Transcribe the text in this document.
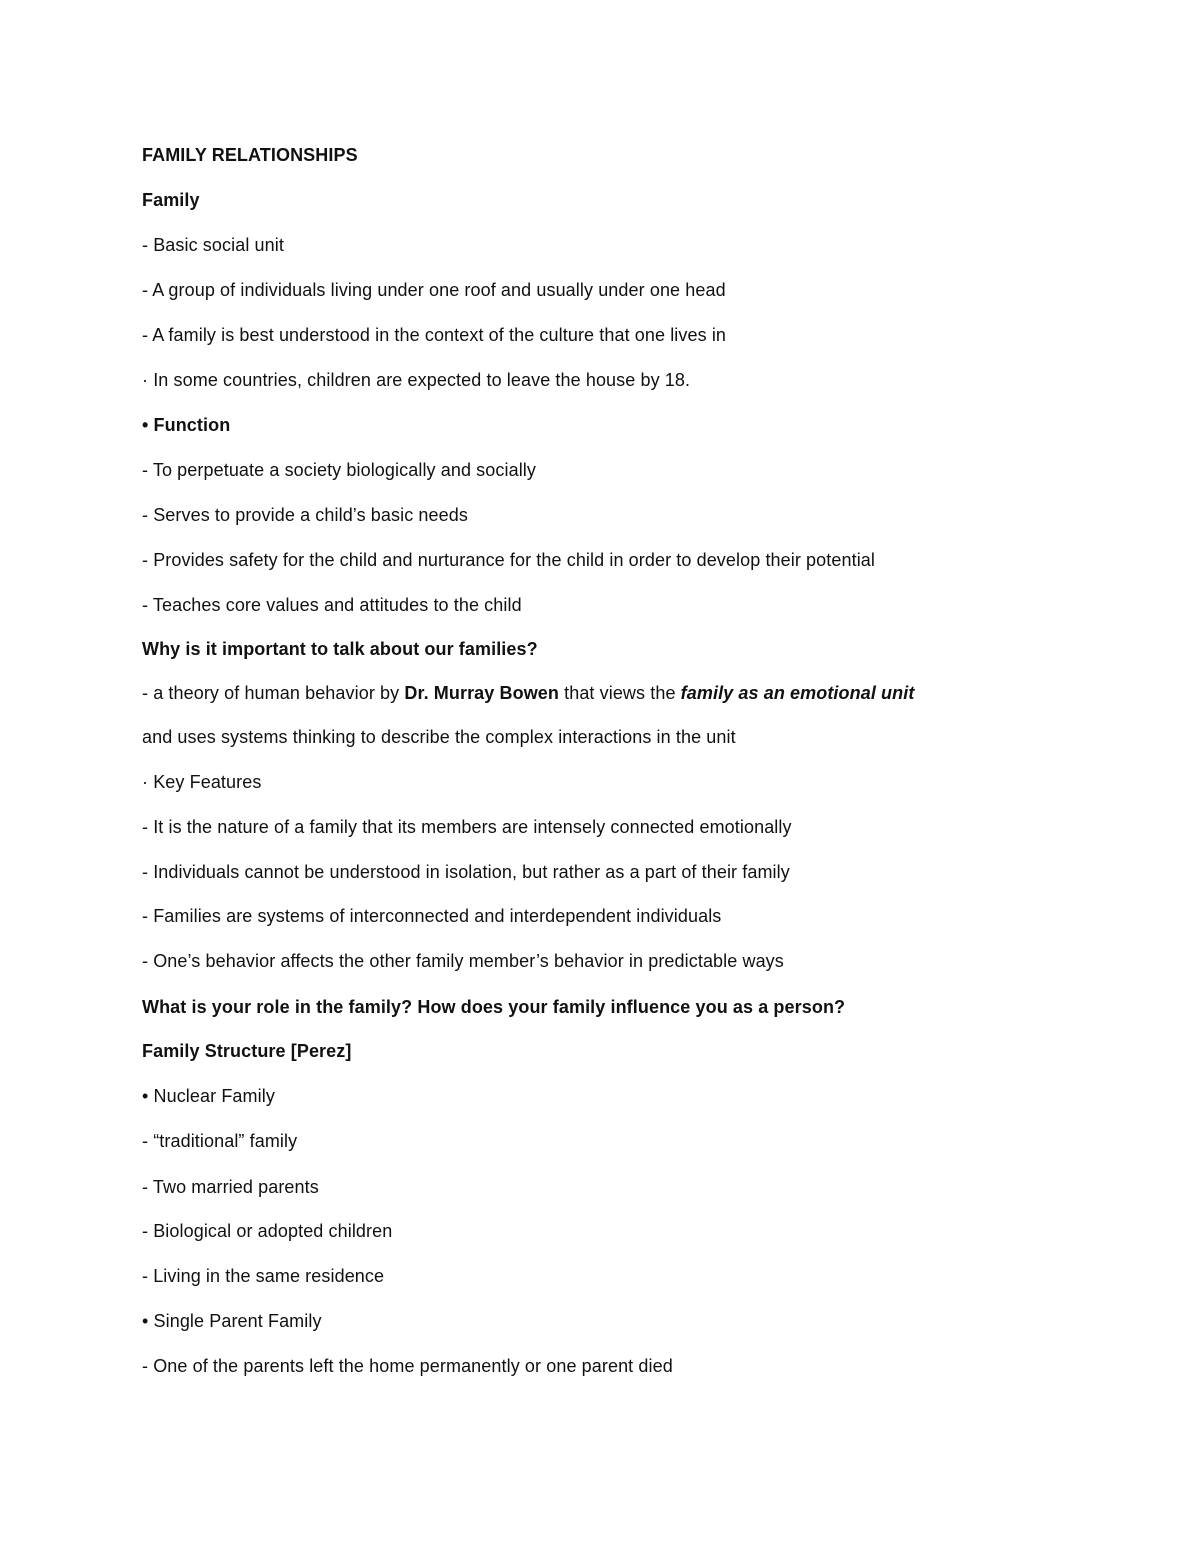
FAMILY RELATIONSHIPS
Family
- Basic social unit
- A group of individuals living under one roof and usually under one head
- A family is best understood in the context of the culture that one lives in
· In some countries, children are expected to leave the house by 18.
• Function
- To perpetuate a society biologically and socially
- Serves to provide a child’s basic needs
- Provides safety for the child and nurturance for the child in order to develop their potential
- Teaches core values and attitudes to the child
Why is it important to talk about our families?
- a theory of human behavior by Dr. Murray Bowen that views the family as an emotional unit
and uses systems thinking to describe the complex interactions in the unit
· Key Features
- It is the nature of a family that its members are intensely connected emotionally
- Individuals cannot be understood in isolation, but rather as a part of their family
- Families are systems of interconnected and interdependent individuals
- One’s behavior affects the other family member’s behavior in predictable ways
What is your role in the family? How does your family influence you as a person?
Family Structure [Perez]
• Nuclear Family
- “traditional” family
- Two married parents
- Biological or adopted children
- Living in the same residence
• Single Parent Family
- One of the parents left the home permanently or one parent died
